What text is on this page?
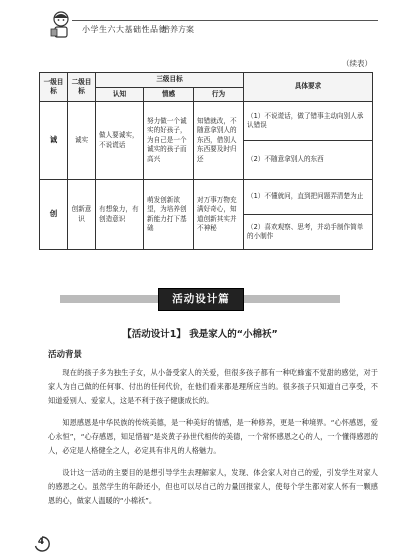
小学生六大基础性品德
培养方案
（续表）
一级目标	二级目标	三级目标			具体要求
		认知	情感	行为	
诚	诚实	做人要诚实，不说谎话	努力做一个诚实的好孩子，为自己是一个诚实的孩子而高兴	知错就改，不随意拿别人的东西，借别人东西要及时归还	（1）不说谎话，做了错事主动向别人承认错误
					（2）不随意拿别人的东西
创	创新意识	有想象力，有创造意识	萌发创新欲望，为培养创新能力打下基础	对万事万物充满好奇心，知道创新其实并不神秘	（1）不懂就问，直到把问题弄清楚为止
					（2）喜欢观察、思考，并动手制作简单的小制作
活动设计篇
【活动设计1】 我是家人的“小棉袄”
活动背景

现在的孩子多为独生子女，从小备受家人的关爱，但很多孩子都有一种吃蜂蜜不觉甜的感觉，对于家人为自己做的任何事、付出的任何代价，在他们看来都是理所应当的。很多孩子只知道自己享受，不知道爱别人、爱家人，这是不利于孩子健康成长的。

知恩感恩是中华民族的传统美德，是一种美好的情感，是一种修养，更是一种境界。“心怀感恩，爱心永恒”，“心存感恩，知足惜福”是炎黄子孙世代相传的美德，一个常怀感恩之心的人，一个懂得感恩的人，必定是人格健全之人，必定具有非凡的人格魅力。

设计这一活动的主要目的是想引导学生去理解家人，发现、体会家人对自己的爱，引发学生对家人的感恩之心。虽然学生的年龄还小，但也可以尽自己的力量回报家人，使每个学生都对家人怀有一颗感恩的心，做家人温暖的“小棉袄”。

4
